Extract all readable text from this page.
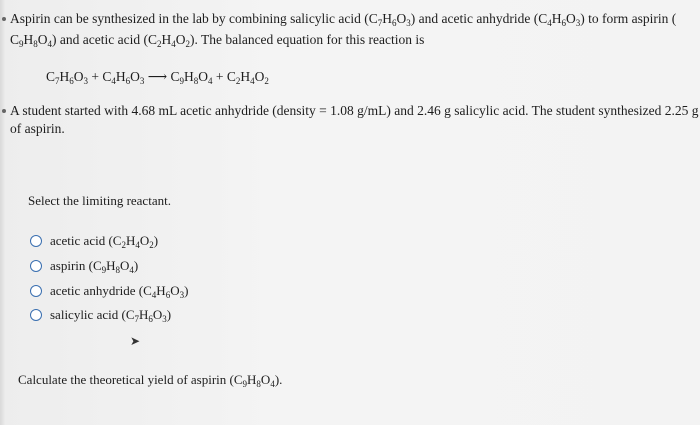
Aspirin can be synthesized in the lab by combining salicylic acid $(C_7H_6O_3)$ and acetic anhydride $(C_4H_6O_3)$ to form aspirin (
$C_9H_8O_4$) and acetic acid $(C_2H_4O_2)$. The balanced equation for this reaction is
$C_7H_6O_3 + C_4H_6O_3$ ⟶ $C_9H_8O_4 + C_2H_4O_2$
A student started with 4.68 mL acetic anhydride (density = 1.08 g/mL) and 2.46 g salicylic acid. The student synthesized 2.25 g
of aspirin.
Select the limiting reactant.
acetic acid $(C_2H_4O_2)$
aspirin $(C_9H_8O_4)$
acetic anhydride $(C_4H_6O_3)$
salicylic acid $(C_7H_6O_3)$
➤
Calculate the theoretical yield of aspirin $(C_9H_8O_4)$.
